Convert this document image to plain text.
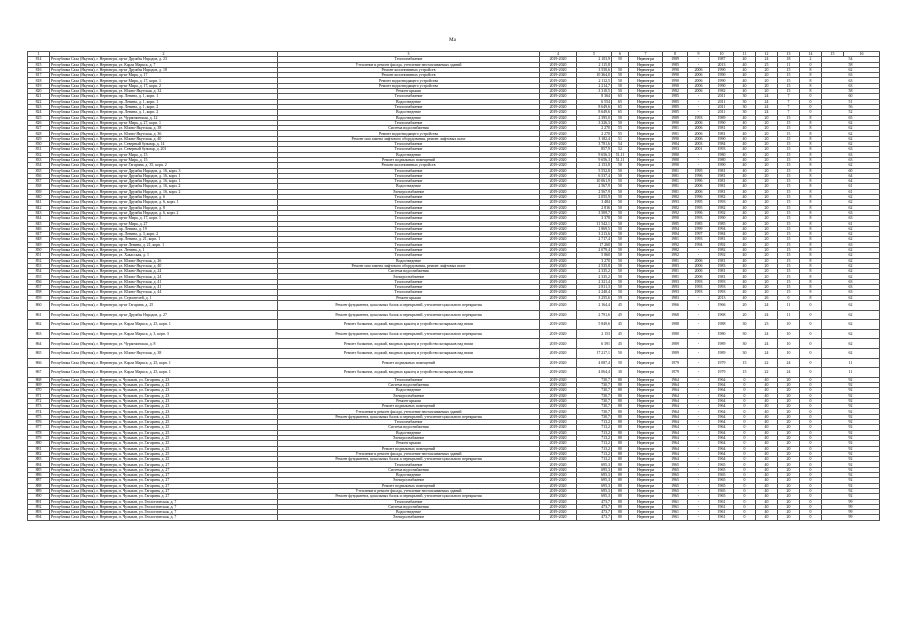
Ма
1	2	3	4	5	6	7	8	9	10	11	12	13	14	15	16
814	Республика Саха (Якутия), г. Нерюнгри, пр-кт Дружбы Народов, д. 23	Теплоснабжение	2019-2020	2 103,9	50	Нерюнгри	1989	-	1987	40	24	18	2	54	
815	Республика Саха (Якутия), г. Нерюнгри, ул. Карла Маркса, д. 7	Утепление и ремонт фасада, утепление неотапливаемых зданий	2019-2020	2 115,8		Нерюнгри	1985	-	2013	40	25	11	0	58	
816	Республика Саха (Якутия), г. Нерюнгри, пр-кт Дружбы Народов, д. 18	Ремонт коллективных устройств	2019-2020	3 550,6	50	Нерюнгри	1990	2006	1990	40	20	15	8	62	
817	Республика Саха (Якутия), г. Нерюнгри, пр-кт Мира, д. 17	Ремонт коллективных устройств	2019-2020	10 364,0	50	Нерюнгри	1990	2006	1990	40	20	15	8	63	
818	Республика Саха (Якутия), г. Нерюнгри, пр-кт Мира, д. 17, корп. 1	Ремонт водоотводящего устройства	2019-2020	2 112,5	50	Нерюнгри	1990	2006	1990	40	20	15	8	63	
819	Республика Саха (Якутия), г. Нерюнгри, пр-кт Мира, д. 17, корп. 2	Ремонт водоотводящего устройства	2019-2020	2 214,7	50	Нерюнгри	1990	2006	1990	40	20	15	8	63	
820	Республика Саха (Якутия), г. Нерюнгри, ул. Южно-Якутская, д. 32	Ремонт крыши	2019-2020	3 310,5	50	Нерюнгри	1982	2006	1982	40	20	15	8	58	
821	Республика Саха (Якутия), г. Нерюнгри, пр. Ленина, д. 1, корп. 1	Теплоснабжение	2019-2020	8 364	65	Нерюнгри	1985	-	2011	30	24	7	0	60	
822	Республика Саха (Якутия), г. Нерюнгри, пр. Ленина, д. 1, корп. 1	Водоотведение	2019-2020	6 554	65	Нерюнгри	1985	-	2011	30	24	7	0	51	
823	Республика Саха (Якутия), г. Нерюнгри, пр. Ленина, д. 1, корп. 2	Теплоснабжение	2019-2020	8 649,6	65	Нерюнгри	1985	-	2011	30	24	7	0	56	
824	Республика Саха (Якутия), г. Нерюнгри, пр. Ленина, д. 1, корп. 2	Водоотведение	2019-2020	8 649,6	65	Нерюнгри	1985	-	2011	30	24	7	0	52	
825	Республика Саха (Якутия), г. Нерюнгри, ул. Чурапчинская, д. 12	Водоотведение	2019-2020	2 395,0	50	Нерюнгри	1989	1993	1989	40	20	15	8	65	
826	Республика Саха (Якутия), г. Нерюнгри, пр-кт Мира, д. 27, корп. 1	Теплоснабжение	2019-2020	3 326,3	50	Нерюнгри	1990	2006	1990	40	20	15	8	62	
827	Республика Саха (Якутия), г. Нерюнгри, ул. Южно-Якутская, д. 38	Система водоснабжения	2019-2020	2 270	55	Нерюнгри	1981	2006	1981	40	20	15	8	62	
828	Республика Саха (Якутия), г. Нерюнгри, ул. Южно-Якутская, д. 36	Ремонт водоотводящего устройства	2019-2020	2 270	55	Нерюнгри	1981	2006	1981	40	20	15	8	62	
829	Республика Саха (Якутия), г. Нерюнгри, ул. Южно-Якутская, д. 40	Ремонт или замена лифтового оборудования, ремонт лифтовых шахт	2019-2020	3 182,4	51	Нерюнгри	1990	2006	1990	40	20	15	8	62	
830	Республика Саха (Якутия), г. Нерюнгри, ул. Северный бульвар, д. 14	Теплоснабжение	2019-2020	3 781,6	54	Нерюнгри	1984	2003	1984	40	20	15	8	62	
831	Республика Саха (Якутия), г. Нерюнгри, ул. Северный бульвар, д. 201	Теплоснабжение	2019-2020	857,9	52	Нерюнгри	1993	2001	1993	40	20	15	8	63	
832	Республика Саха (Якутия), г. Нерюнгри, пр-кт Мира, д. 15	Водоотведение	2019-2020	9 656,3	51,11	Нерюнгри	1980	-	1980	40	20	15	8	63	
833	Республика Саха (Якутия), г. Нерюнгри, пр-кт Мира, д. 15	Ремонт подвальных помещений	2019-2020	9 656,3	51,11	Нерюнгри	1980	-	1980	40	20	15	8	63	
834	Республика Саха (Якутия), г. Нерюнгри, пр-кт Гагарина, д. 35, корп. 2	Ремонт коллективных устройств	2019-2020	2 153,8	50	Нерюнгри	1990	-	1990	40	20	15	8	62	
835	Республика Саха (Якутия), г. Нерюнгри, пр-кт Дружбы Народов, д. 16, корп. 3	Теплоснабжение	2019-2020	5 552,8	50	Нерюнгри	1981	1995	1981	40	20	15	8	60	
836	Республика Саха (Якутия), г. Нерюнгри, пр-кт Дружбы Народов, д. 16, корп. 1	Теплоснабжение	2019-2020	6 537,4	50	Нерюнгри	1981	1996	1981	40	20	15	8	64	
837	Республика Саха (Якутия), г. Нерюнгри, пр-кт Дружбы Народов, д. 16, корп. 1	Теплоснабжение	2019-2020	10 061,9	50	Нерюнгри	1981	1996	1981	40	20	15	8	64	
838	Республика Саха (Якутия), г. Нерюнгри, пр-кт Дружбы Народов, д. 16, корп. 2	Водоотведение	2019-2020	2 567,9	50	Нерюнгри	1981	2006	1981	40	20	15	8	61	
839	Республика Саха (Якутия), г. Нерюнгри, пр-кт Дружбы Народов, д. 16, корп. 2	Электроснабжение	2019-2020	2 567,9	50	Нерюнгри	1981	2006	1981	40	20	15	8	61	
840	Республика Саха (Якутия), г. Нерюнгри, пр-кт Дружбы Народов, д. 6	Теплоснабжение	2019-2020	2 055,9	50	Нерюнгри	1982	1996	1982	40	20	15	8	62	
841	Республика Саха (Якутия), г. Нерюнгри, пр-кт Дружбы Народов, д. 6, корп. 1	Теплоснабжение	2019-2020	3 484	50	Нерюнгри	1993	1995	1993	40	20	15	8	62	
842	Республика Саха (Якутия), г. Нерюнгри, пр-кт Дружбы Народов, д. 8	Теплоснабжение	2019-2020	2 816	50	Нерюнгри	1982	1995	1982	40	20	15	8	62	
843	Республика Саха (Якутия), г. Нерюнгри, пр-кт Дружбы Народов, д. 6, корп. 2	Теплоснабжение	2019-2020	3 509,7	50	Нерюнгри	1992	1996	1992	40	20	15	8	63	
844	Республика Саха (Якутия), г. Нерюнгри, пр-кт Мира, д. 17, корп. 1	Теплоснабжение	2019-2020	3 378	50	Нерюнгри	1990	1993	1990	40	20	15	8	63	
845	Республика Саха (Якутия), г. Нерюнгри, пр-кт Мира, д. 27	Теплоснабжение	2019-2020	11 542,1	50	Нерюнгри	1985	1985	1985	40	20	15	8	61	
846	Республика Саха (Якутия), г. Нерюнгри, пр. Ленина, д. 19	Теплоснабжение	2019-2020	1 869,5	50	Нерюнгри	1994	1999	1994	40	20	15	8	62	
847	Республика Саха (Якутия), г. Нерюнгри, пр. Ленина, д. 3, корп. 2	Теплоснабжение	2019-2020	3 213,6	50	Нерюнгри	1984	1997	1984	40	20	15	8	62	
848	Республика Саха (Якутия), г. Нерюнгри, пр. Ленина, д. 21, корп. 1	Теплоснабжение	2019-2020	2 717,4	50	Нерюнгри	1981	1993	1981	40	20	15	8	62	
849	Республика Саха (Якутия), г. Нерюнгри, пр-кт Ленина, д. 21, корп. 1	Теплоснабжение	2019-2020	17 260	50	Нерюнгри	1992	1994	1992	40	20	15	8	63	
850	Республика Саха (Якутия), г. Нерюнгри, ул. Ленина, д. 1	Теплоснабжение	2019-2020	2 079,4	50	Нерюнгри	1982	-	1982	40	20	15	8	62	
851	Республика Саха (Якутия), г. Нерюнгри, ул. Хакасская, д. 1	Теплоснабжение	2019-2020	5 860	50	Нерюнгри	1992	-	1992	40	20	15	8	62	
852	Республика Саха (Якутия), г. Нерюнгри, ул. Южно-Якутская, д. 26	Водоотведение	2019-2020	3 270	50	Нерюнгри	1981	2006	1981	40	20	15	8	62	
853	Республика Саха (Якутия), г. Нерюнгри, ул. Южно-Якутская, д. 40	Ремонт или замена лифтового оборудования, ремонт лифтовых шахт	2019-2020	2 535,8	50	Нерюнгри	1983	2006	1983	40	20	15	8	62	
854	Республика Саха (Якутия), г. Нерюнгри, ул. Южно-Якутская, д. 24	Система водоснабжения	2019-2020	2 335,2	50	Нерюнгри	1981	2006	1981	40	20	15	8	62	
855	Республика Саха (Якутия), г. Нерюнгри, ул. Южно-Якутская, д. 24	Электроснабжение	2019-2020	2 335,2	50	Нерюнгри	1981	2006	1981	40	20	15	8	62	
856	Республика Саха (Якутия), г. Нерюнгри, ул. Южно-Якутская, д. 41	Теплоснабжение	2019-2020	2 321,4	50	Нерюнгри	1993	1993	1993	40	20	15	8	63	
857	Республика Саха (Якутия), г. Нерюнгри, ул. Южно-Якутская, д. 41	Теплоснабжение	2019-2020	2 811,3	50	Нерюнгри	1993	1993	1993	40	20	15	8	63	
858	Республика Саха (Якутия), г. Нерюнгри, ул. Южно-Якутская, д. 44	Теплоснабжение	2019-2020	2 240,4	50	Нерюнгри	1993	1993	1993	40	20	15	8	63	
859	Республика Саха (Якутия), г. Нерюнгри, ул. Строителей, д. 1	Ремонт крыши	2019-2020	3 255,6	59	Нерюнгри	1983	-	2013	40	26	0	8	62	
860	Республика Саха (Якутия), г. Нерюнгри, пр-кт Гагарина, д. 25	Ремонт фундамента, цокольных балок и перекрытий, утепление цокольного перекрытия	2019-2020	2 164,4	45	Нерюнгри	1966	-	1966	20	24	11	0	62	
861	Республика Саха (Якутия), г. Нерюнгри, пр-кт Дружбы Народов, д. 27	Ремонт фундамента, цокольных балок и перекрытий, утепление цокольного перекрытия	2019-2020	2 791,6	45	Нерюнгри	1968	-	1968	20	24	11	0	62	
862	Республика Саха (Якутия), г. Нерюнгри, ул. Карла Маркса, д. 25, корп. 1	Ремонт балконов, лоджий, входных крылец и устройство козырьков над ними	2019-2020	5 849,6	45	Нерюнгри	1988	-	1988	30	23	10	0	62	
863	Республика Саха (Якутия), г. Нерюнгри, ул. Карла Маркса, д. 3, корп. 3	Ремонт фундамента, цокольных балок и перекрытий, утепление цокольного перекрытия	2019-2020	2 153	45	Нерюнгри	1980	-	1980	30	24	10	0	62	
864	Республика Саха (Якутия), г. Нерюнгри, ул. Чурапчинская, д. 8	Ремонт балконов, лоджий, входных крылец и устройство козырьков над ними	2019-2020	6 391	45	Нерюнгри	1989	-	1989	30	24	10	0	62	
865	Республика Саха (Якутия), г. Нерюнгри, ул. Южно-Якутская, д. 38	Ремонт балконов, лоджий, входных крылец и устройство козырьков над ними	2019-2020	17 217,1	50	Нерюнгри	1989	-	1989	30	24	10	0	62	
866	Республика Саха (Якутия), г. Нерюнгри, ул. Карла Маркса, д. 25, корп. 1	Ремонт подвальных помещений	2019-2020	4 087,4	50	Нерюнгри	1979	-	1979	15	22	24	0	11	
867	Республика Саха (Якутия), г. Нерюнгри, ул. Карла Маркса, д. 25, корп. 1	Ремонт балконов, лоджий, входных крылец и устройство козырьков над ними	2019-2020	4 064,4	30	Нерюнгри	1979	-	1979	15	22	24	0	11	
868	Республика Саха (Якутия), г. Нерюнгри, п. Чульман, ул. Гагарина, д. 23	Теплоснабжение	2019-2020	730,7	80	Нерюнгри	1964	-	1964	0	40	20	0	92	
869	Республика Саха (Якутия), г. Нерюнгри, п. Чульман, ул. Гагарина, д. 23	Система водоснабжения	2019-2020	730,7	80	Нерюнгри	1964	-	1964	0	40	20	0	92	
870	Республика Саха (Якутия), г. Нерюнгри, п. Чульман, ул. Гагарина, д. 23	Водоотведение	2019-2020	730,7	80	Нерюнгри	1964	-	1964	0	40	20	0	92	
871	Республика Саха (Якутия), г. Нерюнгри, п. Чульман, ул. Гагарина, д. 23	Электроснабжение	2019-2020	730,7	80	Нерюнгри	1964	-	1964	0	40	20	0	92	
872	Республика Саха (Якутия), г. Нерюнгри, п. Чульман, ул. Гагарина, д. 23	Ремонт крыши	2019-2020	730,7	80	Нерюнгри	1964	-	1964	0	40	20	0	92	
873	Республика Саха (Якутия), г. Нерюнгри, п. Чульман, ул. Гагарина, д. 23	Ремонт подвальных помещений	2019-2020	730,7	80	Нерюнгри	1964	-	1964	0	40	20	0	92	
874	Республика Саха (Якутия), г. Нерюнгри, п. Чульман, ул. Гагарина, д. 23	Утепление и ремонт фасада, утепление неотапливаемых зданий	2019-2020	730,7	80	Нерюнгри	1964	-	1964	0	40	20	0	92	
875	Республика Саха (Якутия), г. Нерюнгри, п. Чульман, ул. Гагарина, д. 23	Ремонт фундамента, цокольных балок и перекрытий, утепление цокольного перекрытия	2019-2020	730,7	80	Нерюнгри	1964	-	1964	0	40	20	0	92	
876	Республика Саха (Якутия), г. Нерюнгри, п. Чульман, ул. Гагарина, д. 25	Теплоснабжение	2019-2020	713,2	80	Нерюнгри	1964	-	1964	0	40	20	0	92	
877	Республика Саха (Якутия), г. Нерюнгри, п. Чульман, ул. Гагарина, д. 25	Система водоснабжения	2019-2020	713,2	80	Нерюнгри	1964	-	1964	0	40	20	0	92	
878	Республика Саха (Якутия), г. Нерюнгри, п. Чульман, ул. Гагарина, д. 25	Водоотведение	2019-2020	713,2	80	Нерюнгри	1964	-	1964	0	40	20	0	92	
879	Республика Саха (Якутия), г. Нерюнгри, п. Чульман, ул. Гагарина, д. 25	Электроснабжение	2019-2020	713,2	80	Нерюнгри	1964	-	1964	0	40	20	0	92	
880	Республика Саха (Якутия), г. Нерюнгри, п. Чульман, ул. Гагарина, д. 25	Ремонт крыши	2019-2020	713,2	80	Нерюнгри	1964	-	1964	0	40	20	0	92	
881	Республика Саха (Якутия), г. Нерюнгри, п. Чульман, ул. Гагарина, д. 25	Ремонт подвальных помещений	2019-2020	713,2	80	Нерюнгри	1964	-	1964	0	40	20	0	92	
882	Республика Саха (Якутия), г. Нерюнгри, п. Чульман, ул. Гагарина, д. 25	Утепление и ремонт фасада, утепление неотапливаемых зданий	2019-2020	713,2	80	Нерюнгри	1964	-	1964	0	40	20	0	92	
883	Республика Саха (Якутия), г. Нерюнгри, п. Чульман, ул. Гагарина, д. 25	Ремонт фундамента, цокольных балок и перекрытий, утепление цокольного перекрытия	2019-2020	713,2	80	Нерюнгри	1964	-	1964	0	40	20	0	92	
884	Республика Саха (Якутия), г. Нерюнгри, п. Чульман, ул. Гагарина, д. 27	Теплоснабжение	2019-2020	695,3	80	Нерюнгри	1965	-	1965	0	40	20	0	92	
885	Республика Саха (Якутия), г. Нерюнгри, п. Чульман, ул. Гагарина, д. 27	Система водоснабжения	2019-2020	695,3	80	Нерюнгри	1965	-	1965	0	40	20	0	92	
886	Республика Саха (Якутия), г. Нерюнгри, п. Чульман, ул. Гагарина, д. 27	Водоотведение	2019-2020	695,3	80	Нерюнгри	1965	-	1965	0	40	20	0	92	
887	Республика Саха (Якутия), г. Нерюнгри, п. Чульман, ул. Гагарина, д. 27	Электроснабжение	2019-2020	695,3	80	Нерюнгри	1965	-	1965	0	40	20	0	92	
888	Республика Саха (Якутия), г. Нерюнгри, п. Чульман, ул. Гагарина, д. 27	Ремонт подвальных помещений	2019-2020	695,3	80	Нерюнгри	1965	-	1965	0	40	20	0	92	
889	Республика Саха (Якутия), г. Нерюнгри, п. Чульман, ул. Гагарина, д. 27	Утепление и ремонт фасада, утепление неотапливаемых зданий	2019-2020	695,3	80	Нерюнгри	1965	-	1965	0	40	20	0	92	
890	Республика Саха (Якутия), г. Нерюнгри, п. Чульман, ул. Гагарина, д. 27	Ремонт фундамента, цокольных балок и перекрытий, утепление цокольного перекрытия	2019-2020	695,3	80	Нерюнгри	1965	-	1965	0	40	20	0	92	
891	Республика Саха (Якутия), г. Нерюнгри, п. Чульман, ул. Геологическая, д. 7	Теплоснабжение	2019-2020	473,7	80	Нерюнгри	1961	-	1961	0	40	20	0	99	
892	Республика Саха (Якутия), г. Нерюнгри, п. Чульман, ул. Геологическая, д. 7	Система водоснабжения	2019-2020	473,7	80	Нерюнгри	1961	-	1961	0	40	20	0	99	
893	Республика Саха (Якутия), г. Нерюнгри, п. Чульман, ул. Геологическая, д. 7	Водоотведение	2019-2020	473,7	80	Нерюнгри	1961	-	1961	0	40	20	0	99	
894	Республика Саха (Якутия), г. Нерюнгри, п. Чульман, ул. Геологическая, д. 7	Электроснабжение	2019-2020	473,7	80	Нерюнгри	1961	-	1961	0	40	20	0	99	
